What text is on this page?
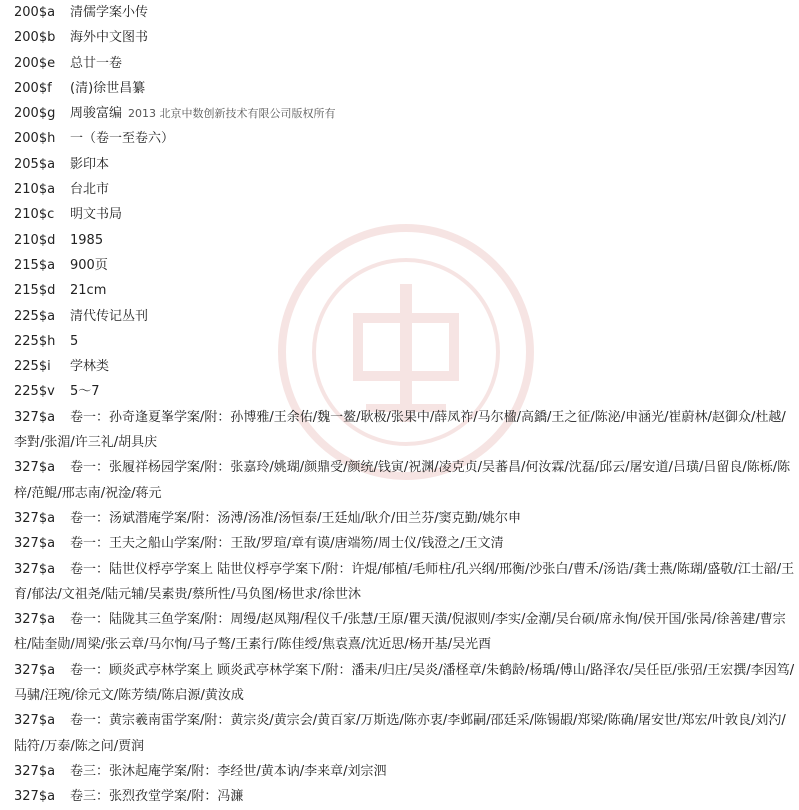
200$a	清儒学案小传
200$b	海外中文图书
200$e	总廿一卷
200$f	(清)徐世昌纂
200$g	周骏富编 2013 北京中数创新技术有限公司版权所有
200$h	一（卷一至卷六）
205$a	影印本
210$a	台北市
210$c	明文书局
210$d	1985
215$a	900页
215$d	21cm
225$a	清代传记丛刊
225$h	5
225$i	学林类
225$v	5～7
327$a	卷一：孙奇逢夏峯学案/附：孙博雅/王余佑/魏一鳌/耿极/张果中/薛凤祚/马尔楹/高鐈/王之征/陈泌/申涵光/崔蔚林/赵御众/杜越/李對/张湄/许三礼/胡具庆
327$a	卷一：张履祥杨园学案/附：张嘉玲/姚瑚/颜鼎受/颜统/钱寅/祝渊/凌克贞/吴蕃昌/何汝霖/沈磊/邱云/屠安道/吕璜/吕留良/陈栎/陈梓/范鲲/邢志南/祝淦/蒋元
327$a	卷一：汤斌潜庵学案/附：汤溥/汤准/汤恒泰/王廷灿/耿介/田兰芬/窦克勤/姚尔申
327$a	卷一：王夫之船山学案/附：王敔/罗瑄/章有谟/唐端笏/周士仪/钱澄之/王文清
327$a	卷一：陆世仪桴亭学案上 陆世仪桴亭学案下/附：许焜/郁植/毛师柱/孔兴纲/邢衡/沙张白/曹禾/汤诰/龚士燕/陈瑚/盛敬/江士韶/王育/郁法/文祖尧/陆元辅/吴素贵/蔡所性/马负图/杨世求/徐世沐
327$a	卷一：陆陇其三鱼学案/附：周缦/赵凤翔/程仪千/张慧/王原/瞿天潢/倪淑则/李实/金潮/吴台硕/席永恂/侯开国/张昺/徐善建/曹宗柱/陆奎勋/周梁/张云章/马尔恂/马子骜/王素行/陈佳绶/焦袁熹/沈近思/杨开基/吴光酉
327$a	卷一：顾炎武亭林学案上 顾炎武亭林学案下/附：潘耒/归庄/吴炎/潘柽章/朱鹤龄/杨瑀/傅山/路泽农/吴任臣/张弨/王宏撰/李因笃/马骕/汪琬/徐元文/陈芳绩/陈启源/黄汝成
327$a	卷一：黄宗羲南雷学案/附：黄宗炎/黄宗会/黄百家/万斯选/陈亦衷/李邺嗣/邵廷采/陈锡嘏/郑梁/陈确/屠安世/郑宏/叶敦良/刘汋/陆符/万泰/陈之问/贾润
327$a	卷三：张沐起庵学案/附：李经世/黄本讷/李来章/刘宗泗
327$a	卷三：张烈孜堂学案/附：冯濂
